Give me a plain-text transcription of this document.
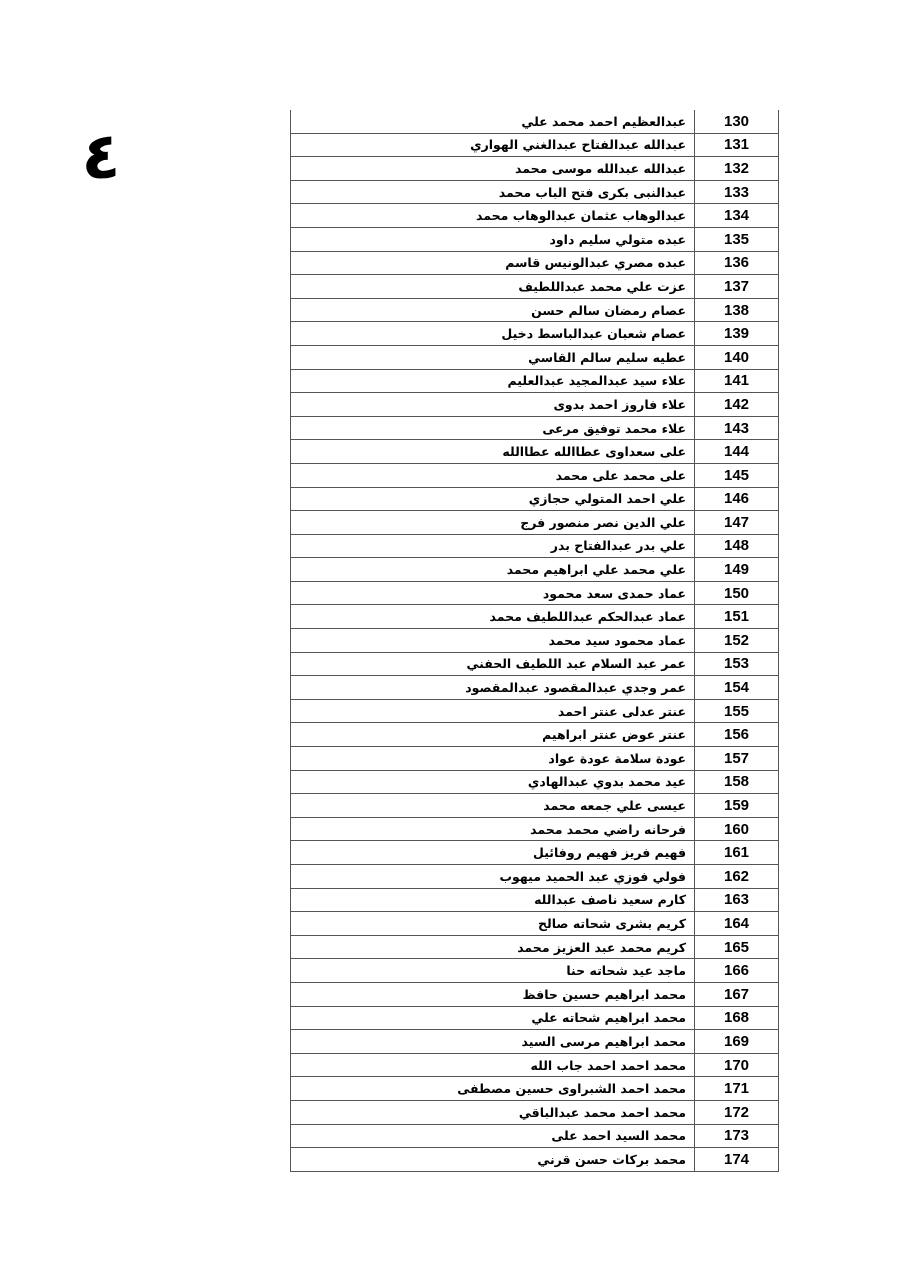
٤	عبدالعظيم احمد محمد علي	130
عبدالله عبدالفتاح عبدالغني الهواري	131
عبدالله عبدالله موسى محمد	132
عبدالنبى بكرى فتح الباب محمد	133
عبدالوهاب عثمان عبدالوهاب محمد	134
عبده متولي سليم داود	135
عبده مصري عبدالونيس قاسم	136
عزت علي محمد عبداللطيف	137
عصام رمضان سالم حسن	138
عصام شعبان عبدالباسط دخيل	139
عطيه سليم سالم القاسي	140
علاء سيد عبدالمجيد عبدالعليم	141
علاء فاروز احمد بدوى	142
علاء محمد توفيق مرعى	143
على سعداوى عطاالله عطاالله	144
على محمد على محمد	145
علي احمد المتولي حجازي	146
علي الدين نصر منصور فرج	147
علي بدر عبدالفتاح بدر	148
علي محمد علي ابراهيم محمد	149
عماد حمدى سعد محمود	150
عماد عبدالحكم عبداللطيف محمد	151
عماد محمود سيد محمد	152
عمر عبد السلام عبد اللطيف الحفني	153
عمر وجدي عبدالمقصود عبدالمقصود	154
عنتر عدلى عنتر احمد	155
عنتر عوض عنتر ابراهيم	156
عودة سلامة عودة عواد	157
عيد محمد بدوي عبدالهادي	158
عيسى علي جمعه محمد	159
فرحانه راضي محمد محمد	160
فهيم فريز فهيم روفائيل	161
فولي فوزي عبد الحميد ميهوب	162
كارم سعيد ناصف عبدالله	163
كريم بشرى شحاته صالح	164
كريم محمد عبد العزيز محمد	165
ماجد عيد شحاته حنا	166
محمد ابراهيم حسين حافظ	167
محمد ابراهيم شحاته علي	168
محمد ابراهيم مرسى السيد	169
محمد احمد احمد جاب الله	170
محمد احمد الشبراوى حسين مصطفى	171
محمد احمد محمد عبدالباقي	172
محمد السيد احمد على	173
محمد بركات حسن قرني	174
